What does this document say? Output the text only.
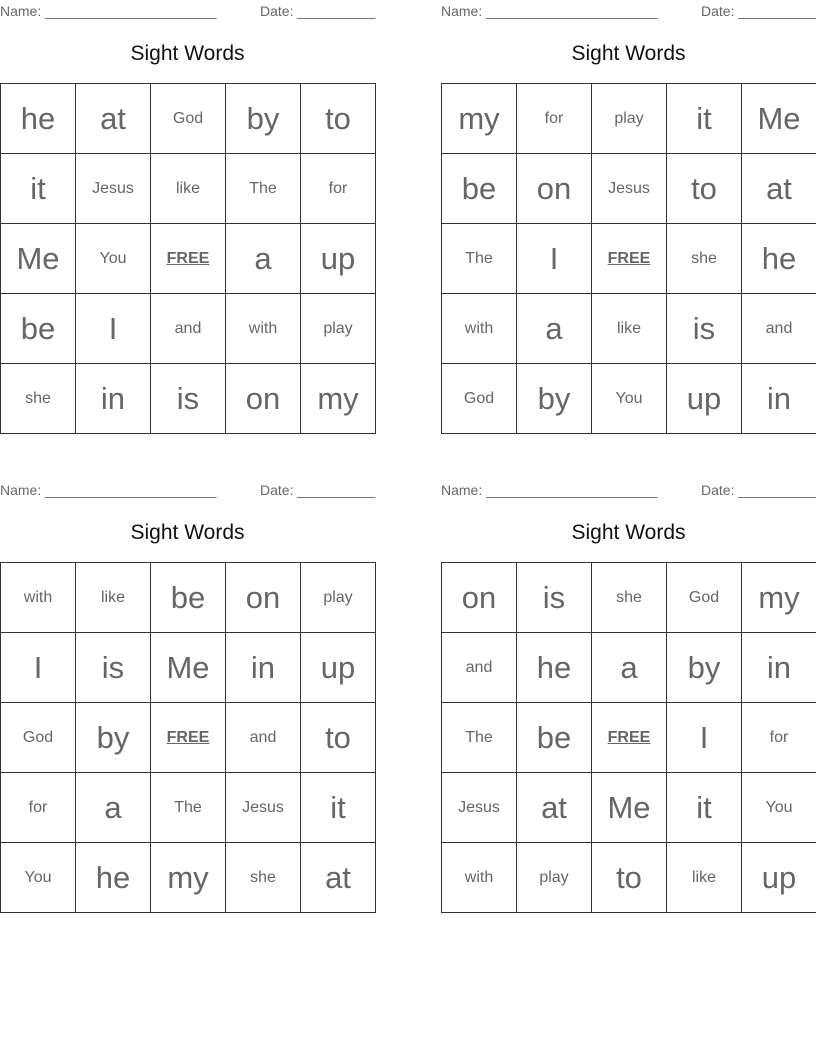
Name: ______________________	Date: __________
Sight Words
he	at	God	by	to
it	Jesus	like	The	for
Me	You	FREE	a	up
be	I	and	with	play
she	in	is	on	my
Name: ______________________	Date: __________
Sight Words
my	for	play	it	Me
be	on	Jesus	to	at
The	I	FREE	she	he
with	a	like	is	and
God	by	You	up	in
Name: ______________________	Date: __________
Sight Words
with	like	be	on	play
I	is	Me	in	up
God	by	FREE	and	to
for	a	The	Jesus	it
You	he	my	she	at
Name: ______________________	Date: __________
Sight Words
on	is	she	God	my
and	he	a	by	in
The	be	FREE	I	for
Jesus	at	Me	it	You
with	play	to	like	up
